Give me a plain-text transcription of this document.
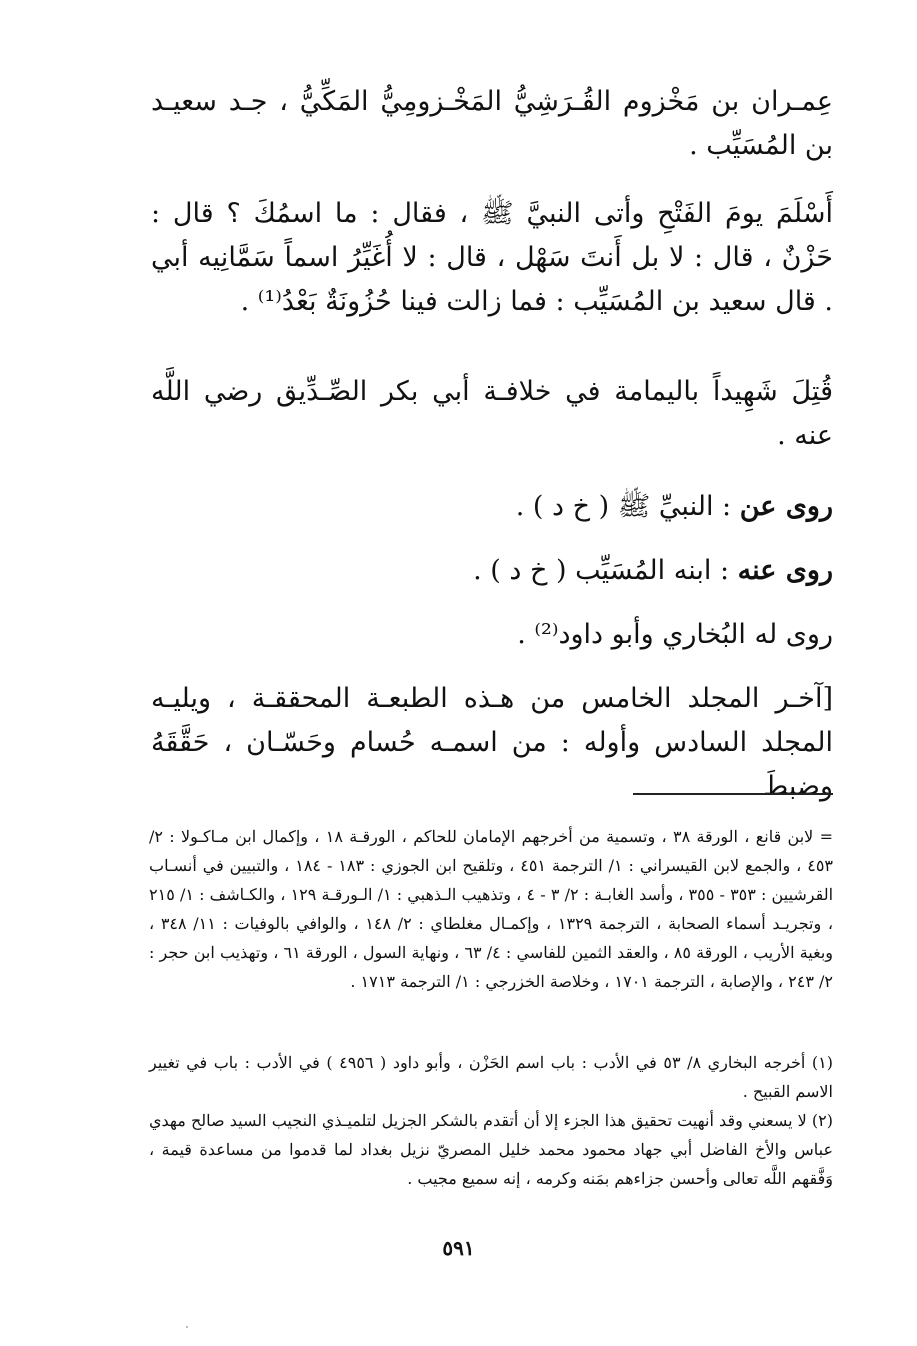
عِمـران بن مَخْزوم القُـرَشِيُّ المَخْـزومِيُّ المَكِّيُّ ، جـد سعيـد بن المُسَيِّب .

أَسْلَمَ يومَ الفَتْحِ وأتى النبيَّ ﷺ ، فقال : ما اسمُكَ ؟ قال : حَزْنٌ ، قال : لا بل أَنتَ سَهْل ، قال : لا أُغَيِّرُ اسماً سَمَّانِيه أبي . قال سعيد بن المُسَيِّب : فما زالت فينا حُزُونَةٌ بَعْدُ⁽¹⁾ .

قُتِلَ شَهِيداً باليمامة في خلافـة أبي بكر الصِّـدِّيق رضي اللَّه عنه .

روى عن : النبيِّ ﷺ ( خ د ) .

روى عنه : ابنه المُسَيِّب ( خ د ) .

روى له البُخاري وأبو داود⁽²⁾ .

[آخـر المجلد الخامس من هـذه الطبعـة المحققـة ، ويليـه المجلد السادس وأوله : من اسمـه حُسام وحَسّـان ، حَقَّقَهُ وضبطَ

= لابن قانع ، الورقة ٣٨ ، وتسمية من أخرجهم الإمامان للحاكم ، الورقـة ١٨ ، وإكمال ابن مـاكـولا : ٢/ ٤٥٣ ، والجمع لابن القيسراني : ١/ الترجمة ٤٥١ ، وتلقيح ابن الجوزي : ١٨٣ - ١٨٤ ، والتبيين في أنسـاب القرشيين : ٣٥٣ - ٣٥٥ ، وأسد الغابـة : ٢/ ٣ - ٤ ، وتذهيب الـذهبي : ١/ الـورقـة ١٢٩ ، والكـاشف : ١/ ٢١٥ ، وتجريـد أسماء الصحابة ، الترجمة ١٣٢٩ ، وإكمـال مغلطاي : ٢/ ١٤٨ ، والوافي بالوفيات : ١١/ ٣٤٨ ، وبغية الأريب ، الورقة ٨٥ ، والعقد الثمين للفاسي : ٤/ ٦٣ ، ونهاية السول ، الورقة ٦١ ، وتهذيب ابن حجر : ٢/ ٢٤٣ ، والإصابة ، الترجمة ١٧٠١ ، وخلاصة الخزرجي : ١/ الترجمة ١٧١٣ .

(١) أخرجه البخاري ٨/ ٥٣ في الأدب : باب اسم الحَزْن ، وأبو داود ( ٤٩٥٦ ) في الأدب : باب في تغيير الاسم القبيح .

(٢) لا يسعني وقد أنهيت تحقيق هذا الجزء إلا أن أتقدم بالشكر الجزيل لتلميـذي النجيب السيد صالح مهدي عباس والأخ الفاضل أبي جهاد محمود محمد خليل المصريّ نزيل بغداد لما قدموا من مساعدة قيمة ، وَفَّقهم اللَّه تعالى وأحسن جزاءهم بمَنه وكرمه ، إنه سميع مجيب .

٥٩١
